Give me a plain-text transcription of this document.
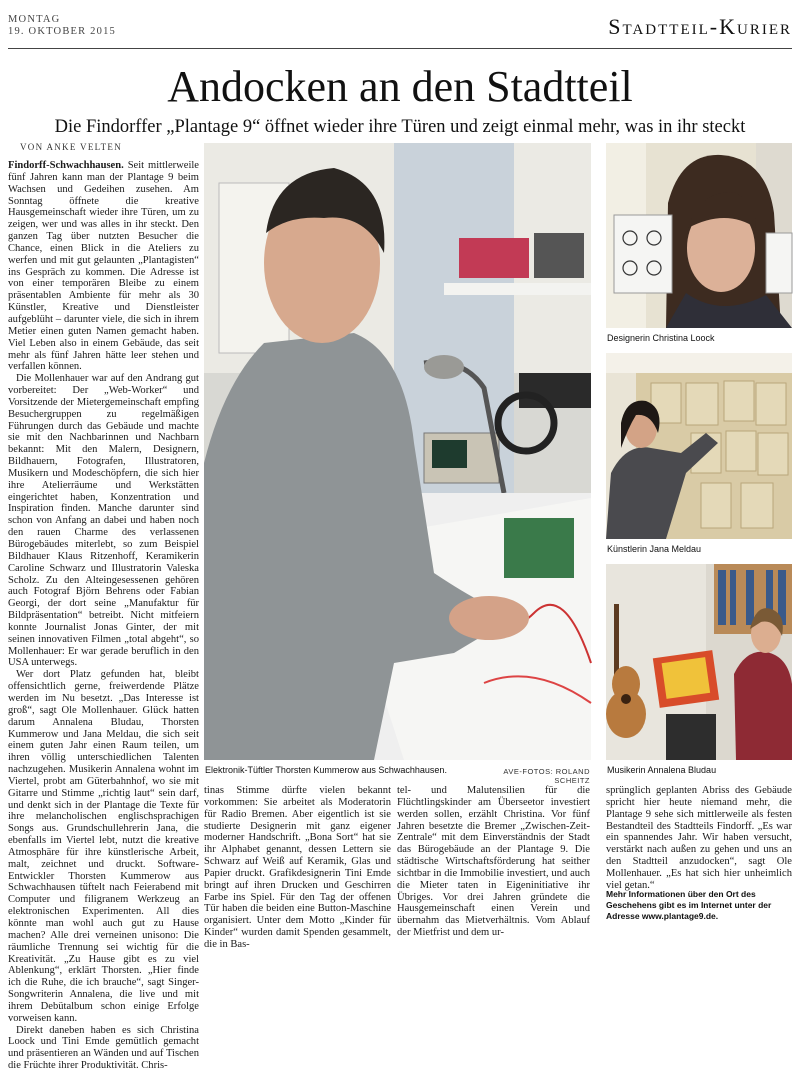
MONTAG
19. OKTOBER 2015	Stadtteil-Kurier
Andocken an den Stadtteil
Die Findorffer „Plantage 9“ öffnet wieder ihre Türen und zeigt einmal mehr, was in ihr steckt
VON ANKE VELTEN

Findorff-Schwachhausen. Seit mittlerweile fünf Jahren kann man der Plantage 9 beim Wachsen und Gedeihen zusehen. Am Sonntag öffnete die kreative Hausgemeinschaft wieder ihre Türen, um zu zeigen, wer und was alles in ihr steckt. Den ganzen Tag über nutzten Besucher die Chance, einen Blick in die Ateliers zu werfen und mit gut gelaunten „Plantagisten“ ins Gespräch zu kommen. Die Adresse ist von einer temporären Bleibe zu einem präsentablen Ambiente für mehr als 30 Künstler, Kreative und Dienstleister aufgeblüht – darunter viele, die sich in ihrem Metier einen guten Namen gemacht haben. Viel Leben also in einem Gebäude, das seit mehr als fünf Jahren hätte leer stehen und verfallen können.

Die Mollenhauer war auf den Andrang gut vorbereitet: Der „Web-Worker“ und Vorsitzende der Mietergemeinschaft empfing Besuchergruppen zu regelmäßigen Führungen durch das Gebäude und machte sie mit den Nachbarinnen und Nachbarn bekannt: Mit den Malern, Designern, Bildhauern, Fotografen, Illustratoren, Musikern und Modeschöpfern, die sich hier ihre Atelierräume und Werkstätten eingerichtet haben, Konzentration und Inspiration finden. Manche darunter sind schon von Anfang an dabei und haben noch den rauen Charme des verlassenen Bürogebäudes miterlebt, so zum Beispiel Bildhauer Klaus Ritzenhoff, Keramikerin Caroline Schwarz und Illustratorin Valeska Scholz. Zu den Alteingesessenen gehören auch Fotograf Björn Behrens oder Fabian Georgi, der dort seine „Manufaktur für Bildpräsentation“ betreibt. Nicht mitfeiern konnte Journalist Jonas Ginter, der mit seinen innovativen Filmen „total abgeht“, so Mollenhauer: Er war gerade beruflich in den USA unterwegs.

Wer dort Platz gefunden hat, bleibt offensichtlich gerne, freiwerdende Plätze werden im Nu besetzt. „Das Interesse ist groß“, sagt Ole Mollenhauer. Glück hatten darum Annalena Bludau, Thorsten Kummerow und Jana Meldau, die sich seit einem guten Jahr einen Raum teilen, um ihren völlig unterschiedlichen Talenten nachzugehen. Musikerin Annalena wohnt im Viertel, probt am Güterbahnhof, wo sie mit Gitarre und Stimme „richtig laut“ sein darf, und denkt sich in der Plantage die Texte für ihre melancholischen englischsprachigen Songs aus. Grundschullehrerin Jana, die ebenfalls im Viertel lebt, nutzt die kreative Atmosphäre für ihre künstlerische Arbeit, malt, zeichnet und druckt. Software-Entwickler Thorsten Kummerow aus Schwachhausen tüftelt nach Feierabend mit Computer und filigranem Werkzeug an elektronischen Experimenten. All dies könnte man wohl auch gut zu Hause machen? Alle drei verneinen unisono: Die räumliche Trennung sei wichtig für die Kreativität. „Zu Hause gibt es zu viel Ablenkung“, erklärt Thorsten. „Hier finde ich die Ruhe, die ich brauche“, sagt Singer-Songwriterin Annalena, die live und mit ihrem Debütalbum schon einige Erfolge vorweisen kann.

Direkt daneben haben es sich Christina Loock und Tini Emde gemütlich gemacht und präsentieren an Wänden und auf Tischen die Früchte ihrer Produktivität. Chris-

Elektronik-Tüftler Thorsten Kummerow aus Schwachhausen.	AVE-FOTOS: ROLAND SCHEITZ
Designerin Christina Loock
Künstlerin Jana Meldau
Musikerin Annalena Bludau

tinas Stimme dürfte vielen bekannt vorkommen: Sie arbeitet als Moderatorin für Radio Bremen. Aber eigentlich ist sie studierte Designerin mit ganz eigener moderner Handschrift. „Bona Sort“ hat sie ihr Alphabet genannt, dessen Lettern sie Schwarz auf Weiß auf Keramik, Glas und Papier druckt. Grafikdesignerin Tini Emde bringt auf ihren Drucken und Geschirren Farbe ins Spiel. Für den Tag der offenen Tür haben die beiden eine Button-Maschine organisiert. Unter dem Motto „Kinder für Kinder“ wurden damit Spenden gesammelt, die in Bas-

tel- und Malutensilien für die Flüchtlingskinder am Überseetor investiert werden sollen, erzählt Christina. Vor fünf Jahren besetzte die Bremer „Zwischen-Zeit-Zentrale“ mit dem Einverständnis der Stadt das Bürogebäude an der Plantage 9. Die städtische Wirtschaftsförderung hat seither sichtbar in die Immobilie investiert, und auch die Mieter taten in Eigeninitiative ihr Übriges. Vor drei Jahren gründete die Hausgemeinschaft einen Verein und übernahm das Mietverhältnis. Vom Ablauf der Mietfrist und dem ur-

sprünglich geplanten Abriss des Gebäude spricht hier heute niemand mehr, die Plantage 9 sehe sich mittlerweile als festen Bestandteil des Stadtteils Findorff. „Es war ein spannendes Jahr. Wir haben versucht, verstärkt nach außen zu gehen und uns an den Stadtteil anzudocken“, sagt Ole Mollenhauer. „Es hat sich hier unheimlich viel getan.“

Mehr Informationen über den Ort des Geschehens gibt es im Internet unter der Adresse www.plantage9.de.
